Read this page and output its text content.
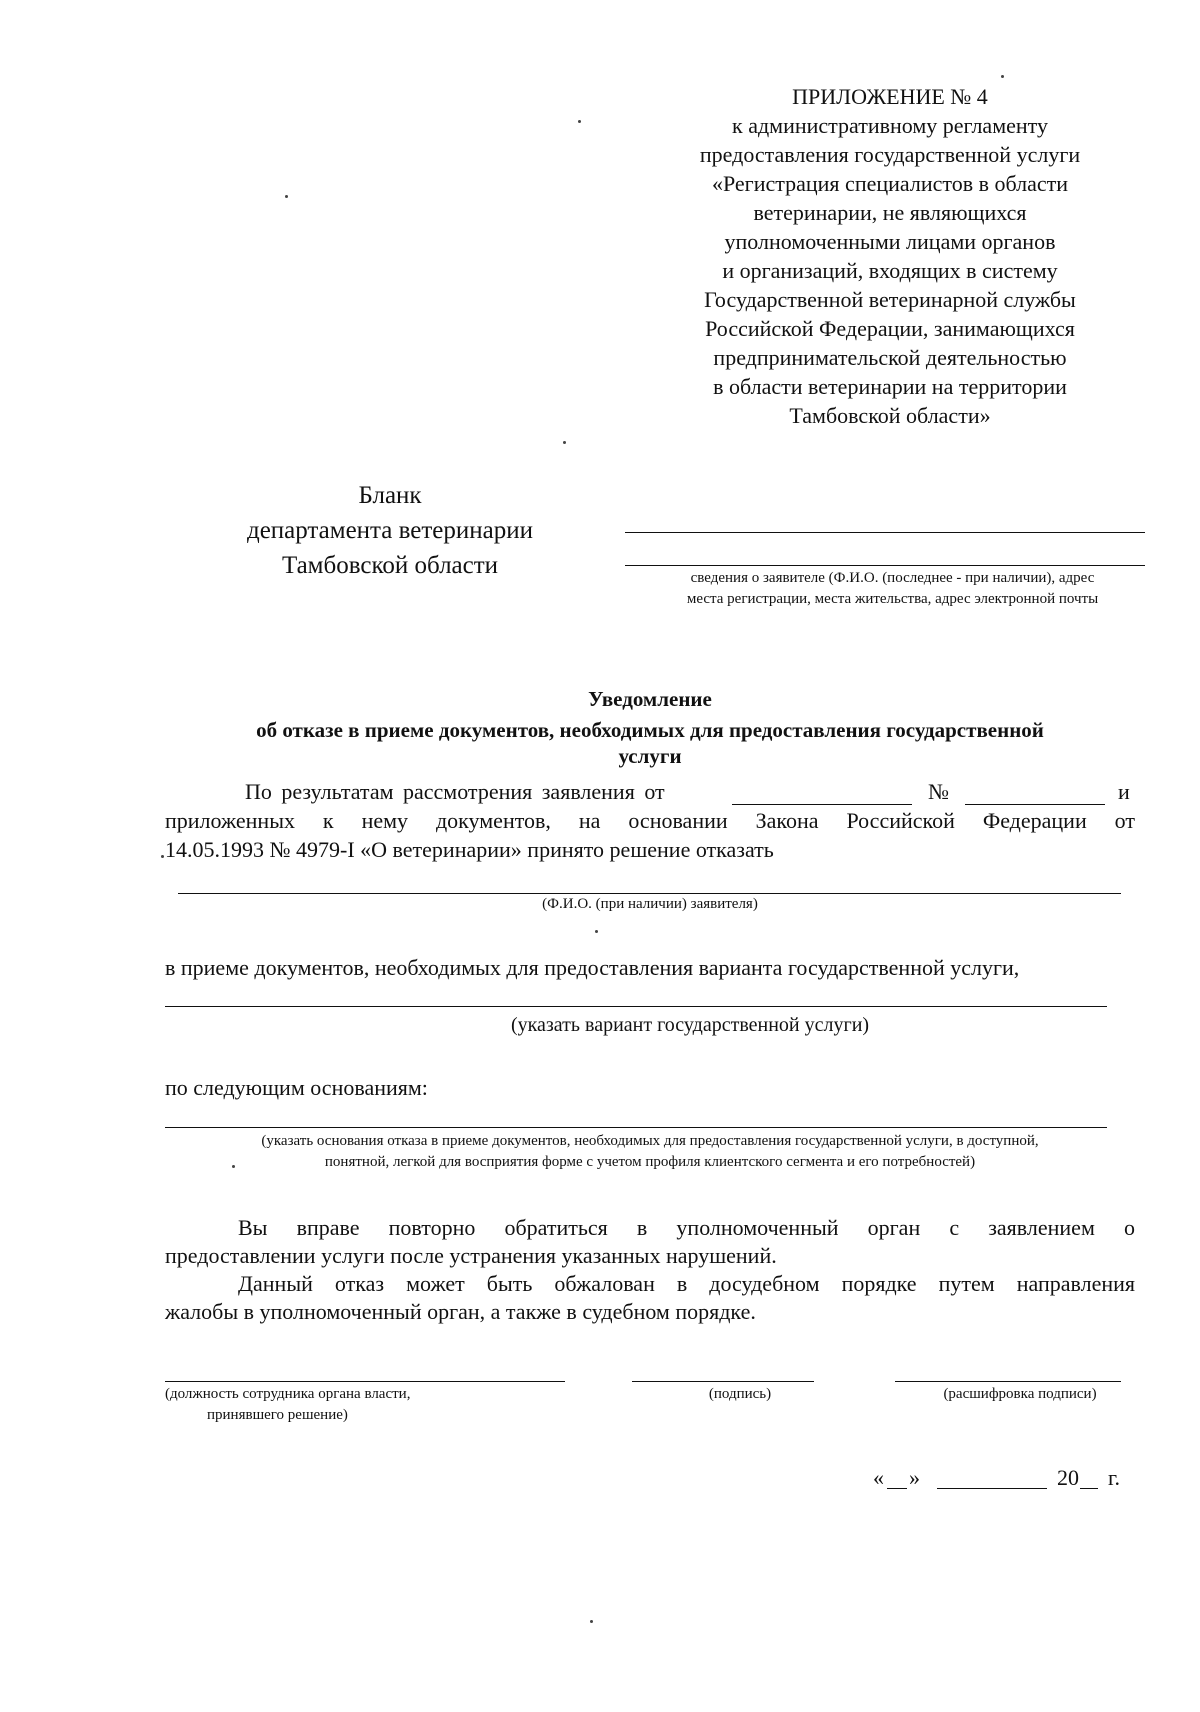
ПРИЛОЖЕНИЕ № 4
к административному регламенту
предоставления государственной услуги
«Регистрация специалистов в области
ветеринарии, не являющихся
уполномоченными лицами органов
и организаций, входящих в систему
Государственной ветеринарной службы
Российской Федерации, занимающихся
предпринимательской деятельностью
в области ветеринарии на территории
Тамбовской области»
Бланк
департамента ветеринарии
Тамбовской области	сведения о заявителе (Ф.И.О. (последнее - при наличии), адрес
места регистрации, места жительства, адрес электронной почты
Уведомление
об отказе в приеме документов, необходимых для предоставления государственной
услуги
По результатам рассмотрения заявления от	№	и
приложенных к нему документов, на основании Закона Российской Федерации от
14.05.1993 № 4979-I «О ветеринарии» принято решение отказать
(Ф.И.О. (при наличии) заявителя)
в приеме документов, необходимых для предоставления варианта государственной услуги,
(указать вариант государственной услуги)
по следующим основаниям:
(указать основания отказа в приеме документов, необходимых для предоставления государственной услуги, в доступной,
понятной, легкой для восприятия форме с учетом профиля клиентского сегмента и его потребностей)
Вы вправе повторно обратиться в уполномоченный орган с заявлением о
предоставлении услуги после устранения указанных нарушений.
Данный отказ может быть обжалован в досудебном порядке путем направления
жалобы в уполномоченный орган, а также в судебном порядке.
(должность сотрудника органа власти,
принявшего решение)
(подпись)	(расшифровка подписи)
« »	20 г.
